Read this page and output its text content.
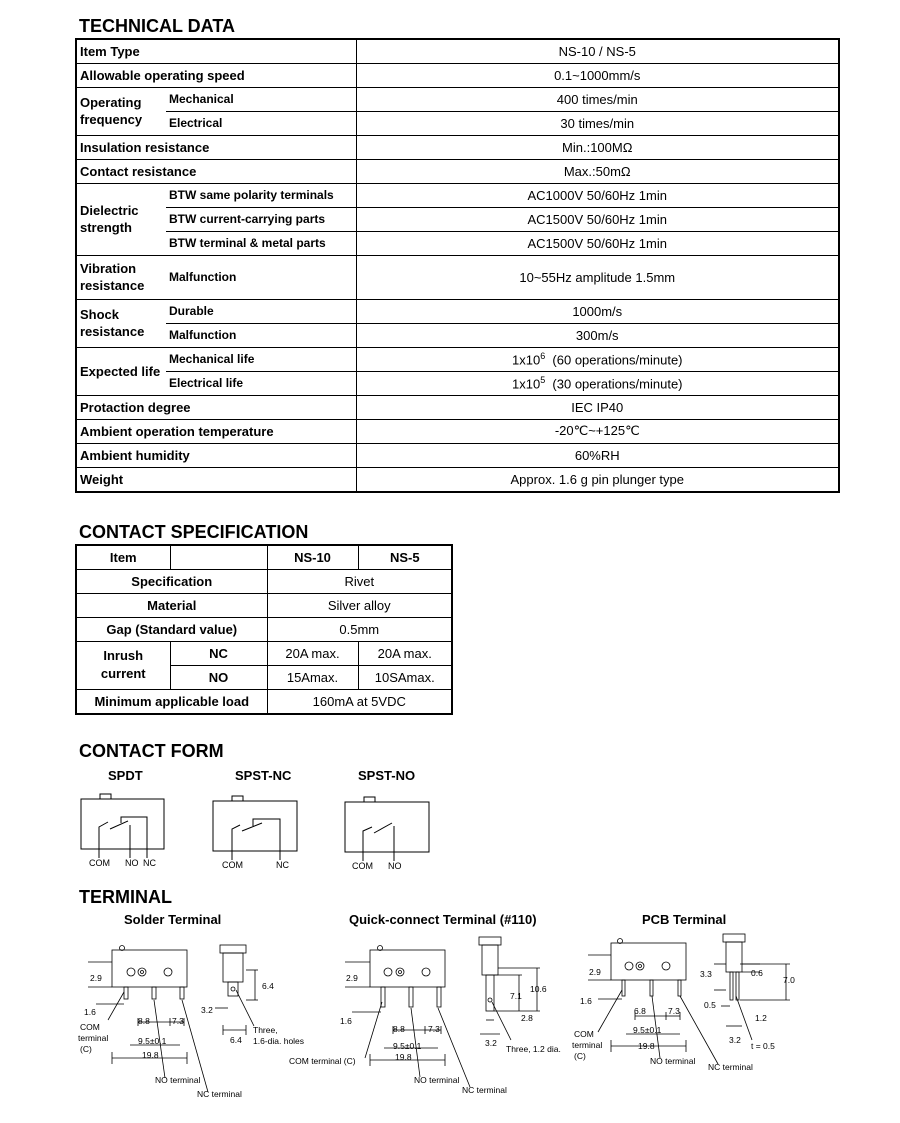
TECHNICAL DATA
Item Type		NS-10 / NS-5
Allowable operating speed		0.1~1000mm/s
Operating frequency	Mechanical	400 times/min
	Electrical	30 times/min
Insulation resistance		Min.:100MΩ
Contact resistance		Max.:50mΩ
Dielectric strength	BTW same polarity terminals	AC1000V 50/60Hz 1min
	BTW current-carrying parts	AC1500V 50/60Hz 1min
	BTW terminal & metal parts	AC1500V 50/60Hz 1min
Vibration resistance	Malfunction	10~55Hz amplitude 1.5mm
Shock resistance	Durable	1000m/s
	Malfunction	300m/s
Expected life	Mechanical life	$1x10^6$  (60 operations/minute)
	Electrical life	$1x10^5$  (30 operations/minute)
Protaction degree		IEC IP40
Ambient operation temperature		-20℃~+125℃
Ambient humidity		60%RH
Weight		Approx. 1.6 g pin plunger type
CONTACT SPECIFICATION
Item		NS-10	NS-5
Specification		Rivet	
Material		Silver alloy	
Gap (Standard value)		0.5mm	
Inrush current	NC	20A max.	20A max.
	NO	15Amax.	10SAmax.
Minimum applicable load		160mA at 5VDC	
CONTACT FORM
SPDT
COM NO NC
SPST-NC
COM	NC
SPST-NO
COM NO
TERMINAL
Solder Terminal	Quick-connect Terminal (#110)	PCB Terminal
2.9
1.6
8.8	7.3
9.5±0.1
19.8
COM
terminal
(C)
NO terminal
NC terminal
6.4
3.2
Three,
1.6-dia. holes
6.4
2.9
1.6
8.8	7.3
9.5±0.1
19.8
COM terminal (C)
NO terminal
NC terminal
10.6
7.1
2.8
3.2
Three, 1.2 dia.
2.9
1.6
6.8	7.3
9.5±0.1
19.8
COM
terminal
(C)	NO terminal
NC terminal
3.3	0.6
7.0
0.5
1.2
3.2
t = 0.5
